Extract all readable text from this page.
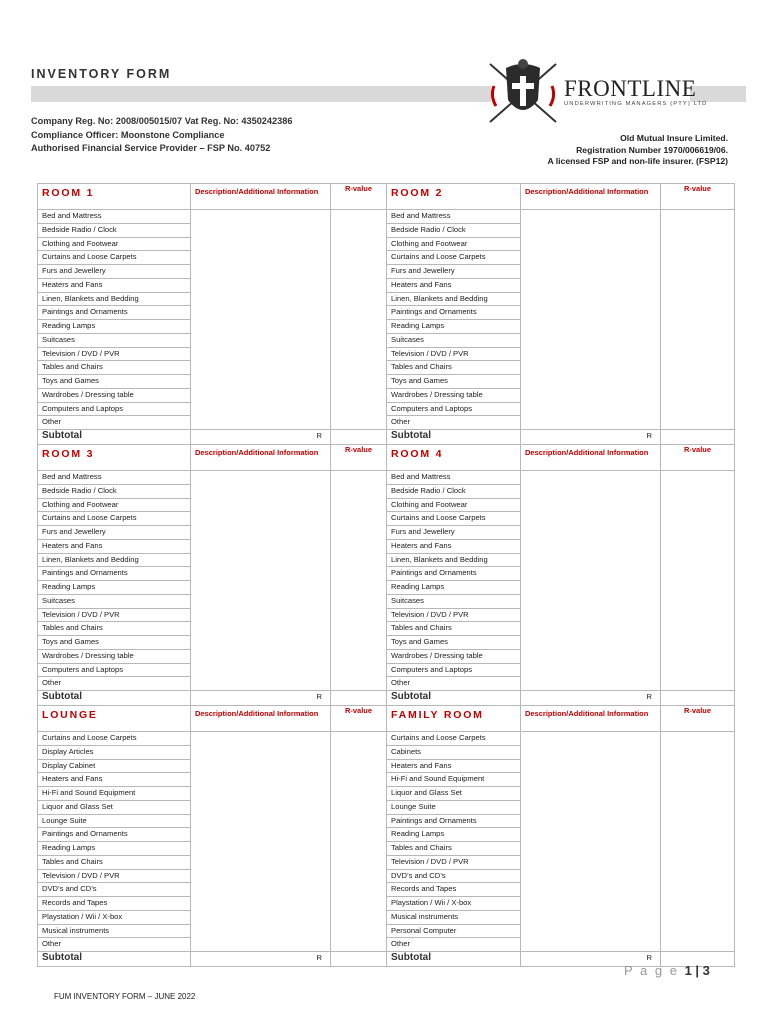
INVENTORY FORM
Company Reg. No: 2008/005015/07 Vat Reg. No: 4350242386
Compliance Officer: Moonstone Compliance
Authorised Financial Service Provider – FSP No. 40752
FRONTLINE
UNDERWRITING MANAGERS (PTY) LTD
Old Mutual Insure Limited.
Registration Number 1970/006619/06.
A licensed FSP and non-life insurer. (FSP12)
ROOM 1	Description/Additional Information	R-value	ROOM 2	Description/Additional Information	R-value

Bed and Mattress			Bed and Mattress		
Bedside Radio / Clock			Bedside Radio / Clock		
Clothing and Footwear			Clothing and Footwear		
Curtains and Loose Carpets			Curtains and Loose Carpets		
Furs and Jewellery			Furs and Jewellery		
Heaters and Fans			Heaters and Fans		
Linen, Blankets and Bedding			Linen, Blankets and Bedding		
Paintings and Ornaments			Paintings and Ornaments		
Reading Lamps			Reading Lamps		
Suitcases			Suitcases		
Television / DVD / PVR			Television / DVD / PVR		
Tables and Chairs			Tables and Chairs		
Toys and Games			Toys and Games		
Wardrobes / Dressing table			Wardrobes / Dressing table		
Computers and Laptops			Computers and Laptops		
Other			Other		
Subtotal	R		Subtotal	R	
ROOM 3	Description/Additional Information	R-value	ROOM 4	Description/Additional Information	R-value

Bed and Mattress			Bed and Mattress		
Bedside Radio / Clock			Bedside Radio / Clock		
Clothing and Footwear			Clothing and Footwear		
Curtains and Loose Carpets			Curtains and Loose Carpets		
Furs and Jewellery			Furs and Jewellery		
Heaters and Fans			Heaters and Fans		
Linen, Blankets and Bedding			Linen, Blankets and Bedding		
Paintings and Ornaments			Paintings and Ornaments		
Reading Lamps			Reading Lamps		
Suitcases			Suitcases		
Television / DVD / PVR			Television / DVD / PVR		
Tables and Chairs			Tables and Chairs		
Toys and Games			Toys and Games		
Wardrobes / Dressing table			Wardrobes / Dressing table		
Computers and Laptops			Computers and Laptops		
Other			Other		
Subtotal	R		Subtotal	R	
LOUNGE	Description/Additional Information	R-value	FAMILY ROOM	Description/Additional Information	R-value

Curtains and Loose Carpets			Curtains and Loose Carpets		
Display Articles			Cabinets		
Display Cabinet			Heaters and Fans		
Heaters and Fans			Hi-Fi and Sound Equipment		
Hi-Fi and Sound Equipment			Liquor and Glass Set		
Liquor and Glass Set			Lounge Suite		
Lounge Suite			Paintings and Ornaments		
Paintings and Ornaments			Reading Lamps		
Reading Lamps			Tables and Chairs		
Tables and Chairs			Television / DVD / PVR		
Television / DVD / PVR			DVD’s and CD’s		
DVD’s and CD’s			Records and Tapes		
Records and Tapes			Playstation / Wii / X-box		
Playstation / Wii / X-box			Musical instruments		
Musical instruments			Personal Computer		
Other			Other		
Subtotal	R		Subtotal	R	
P a g e 1 | 3
FUM INVENTORY FORM – JUNE 2022
